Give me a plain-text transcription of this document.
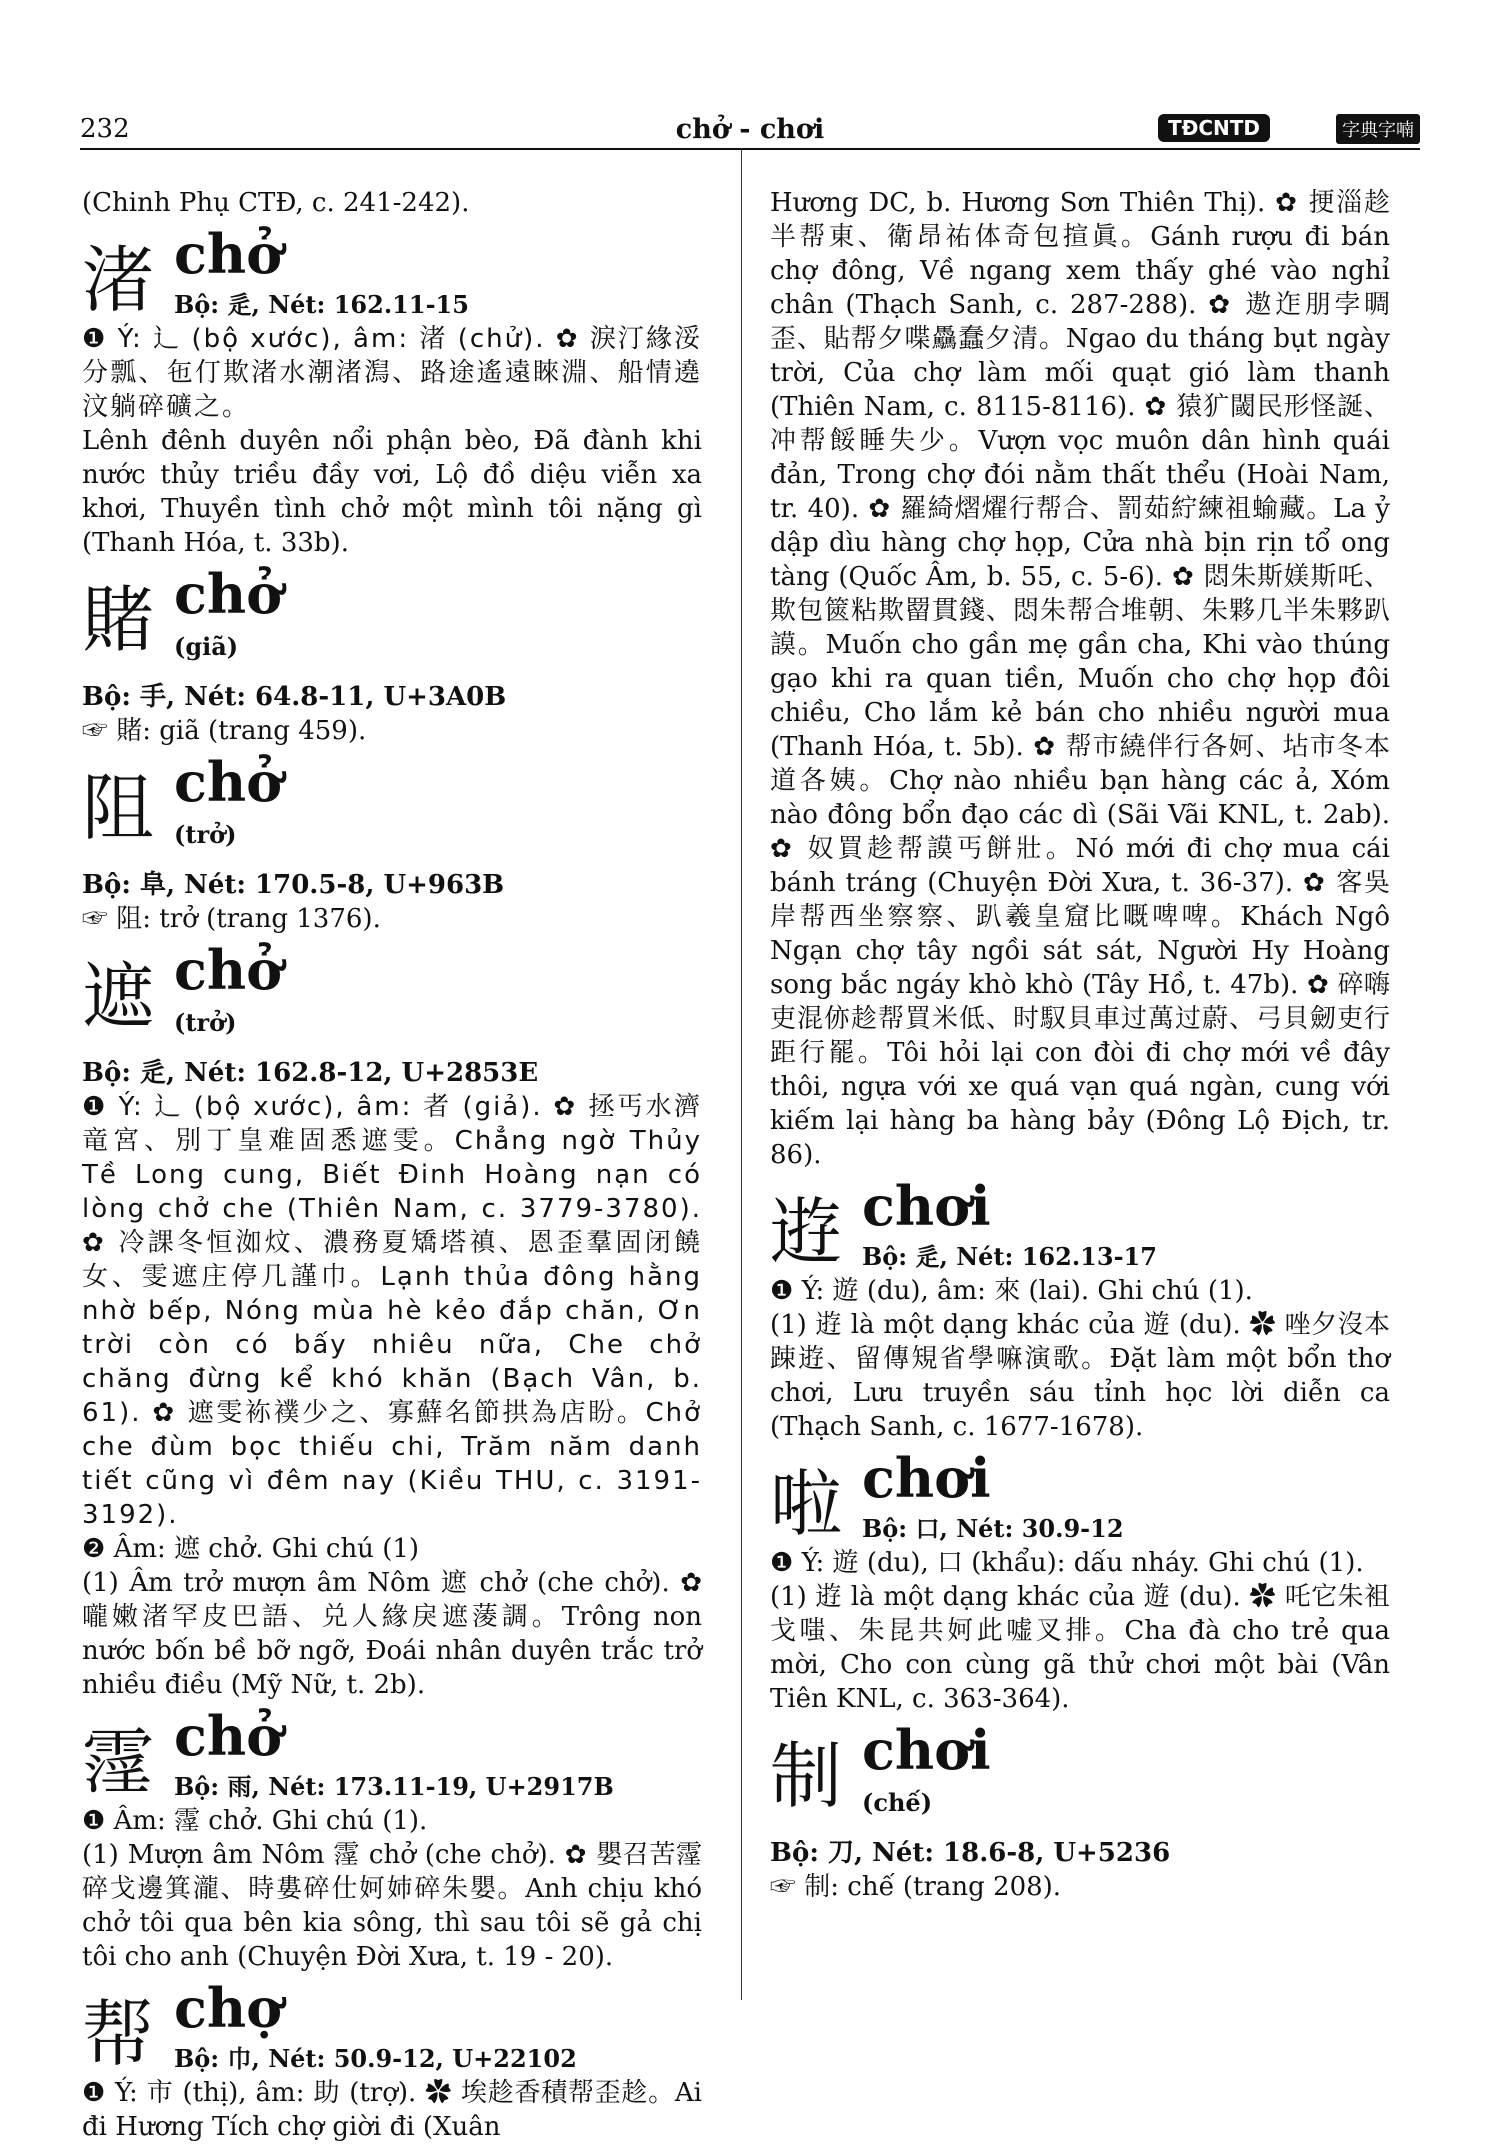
232	chở - chơi	TĐCNTD	字典字喃

(Chinh Phụ CTĐ, c. 241-242).

渚 chở
Bộ: 辵, Nét: 162.11-15

❶ Ý: 辶 (bộ xước), âm: 渚 (chử). ✿ 淚汀緣浽分瓢、㐌仃欺渚水潮渚澙、路途遙遠睞淵、船情遶汶躺碎礦之。

Lênh đênh duyên nổi phận bèo, Đã đành khi nước thủy triều đầy vơi, Lộ đồ diệu viễn xa khơi, Thuyền tình chở một mình tôi nặng gì (Thanh Hóa, t. 33b).

賭 chở
(giã)

Bộ: 手, Nét: 64.8-11, U+3A0B

☞ 賭: giã (trang 459).

阻 chở
(trở)

Bộ: 阜, Nét: 170.5-8, U+963B

☞ 阻: trở (trang 1376).

遮 chở
(trở)

Bộ: 辵, Nét: 162.8-12, U+2853E

❶ Ý: 辶 (bộ xước), âm: 者 (giả). ✿ 拯丐水濟竜宮、別丁皇难固悉遮雯。Chẳng ngờ Thủy Tề Long cung, Biết Đinh Hoàng nạn có lòng chở che (Thiên Nam, c. 3779-3780). ✿ 冷課冬恒洳炆、濃務夏矯塔禛、恩歪羣固闭饒女、雯遮庄停几謹巾。Lạnh thủa đông hằng nhờ bếp, Nóng mùa hè kẻo đắp chăn, Ơn trời còn có bấy nhiêu nữa, Che chở chăng đừng kể khó khăn (Bạch Vân, b. 61). ✿ 遮雯袮襆少之、寡蘚名節拱為店盼。Chở che đùm bọc thiếu chi, Trăm năm danh tiết cũng vì đêm nay (Kiều THU, c. 3191-3192).

❷ Âm: 遮 chở. Ghi chú (1)

(1) Âm trở mượn âm Nôm 遮 chở (che chở). ✿ 嚨嫩渚罕皮巴語、兑人緣戾遮蔆調。Trông non nước bốn bề bỡ ngỡ, Đoái nhân duyên trắc trở nhiều điều (Mỹ Nữ, t. 2b).

霪 chở
Bộ: 雨, Nét: 173.11-19, U+2917B

❶ Âm: 霪 chở. Ghi chú (1).

(1) Mượn âm Nôm 霪 chở (che chở). ✿ 嬰召苦霪碎戈邊箕瀧、時婁碎仕妸姉碎朱嬰。Anh chịu khó chở tôi qua bên kia sông, thì sau tôi sẽ gả chị tôi cho anh (Chuyện Đời Xưa, t. 19 - 20).

帮 chợ
Bộ: 巾, Nét: 50.9-12, U+22102

❶ Ý: 市 (thị), âm: 助 (trợ). ✿ 埃趁香積帮歪趁。Ai đi Hương Tích chợ giời đi (Xuân

Hương DC, b. Hương Sơn Thiên Thị). ✿ 挭淄趁半帮東、衛昂祐体奇包揎眞。Gánh rượu đi bán chợ đông, Về ngang xem thấy ghé vào nghỉ chân (Thạch Sanh, c. 287-288). ✿ 遨迮朋孛晭歪、貼帮夕喋驫蠢夕清。Ngao du tháng bụt ngày trời, Của chợ làm mối quạt gió làm thanh (Thiên Nam, c. 8115-8116). ✿ 猿犷閾民形怪誕、冲帮餒睡失少。Vượn vọc muôn dân hình quái đản, Trong chợ đói nằm thất thểu (Hoài Nam, tr. 40). ✿ 羅綺熠燿行帮合、罰茹紵練祖蝓藏。La ỷ dập dìu hàng chợ họp, Cửa nhà bịn rịn tổ ong tàng (Quốc Âm, b. 55, c. 5-6). ✿ 悶朱斯媄斯吒、欺包篋粘欺罶貫錢、悶朱帮合堆朝、朱夥几半朱夥趴謨。Muốn cho gần mẹ gần cha, Khi vào thúng gạo khi ra quan tiền, Muốn cho chợ họp đôi chiều, Cho lắm kẻ bán cho nhiều người mua (Thanh Hóa, t. 5b). ✿ 帮市繞伴行各妸、坫市冬本道各姨。Chợ nào nhiều bạn hàng các ả, Xóm nào đông bổn đạo các dì (Sãi Vãi KNL, t. 2ab). ✿ 奴買趁帮謨丐餅壯。Nó mới đi chợ mua cái bánh tráng (Chuyện Đời Xưa, t. 36-37). ✿ 客吳岸帮西坐察察、趴羲皇窟比嘅啤啤。Khách Ngô Ngạn chợ tây ngồi sát sát, Người Hy Hoàng song bắc ngáy khò khò (Tây Hồ, t. 47b). ✿ 碎嗨吏混㑊趁帮買米低、时馭貝車过萬过蔚、弓貝劒吏行距行罷。Tôi hỏi lại con đòi đi chợ mới về đây thôi, ngựa với xe quá vạn quá ngàn, cung với kiếm lại hàng ba hàng bảy (Đông Lộ Địch, tr. 86).

逰 chơi
Bộ: 辵, Nét: 162.13-17

❶ Ý: 遊 (du), âm: 來 (lai). Ghi chú (1).

(1) 逰 là một dạng khác của 遊 (du). ✿ 唑夕沒本踈逰、留傳䂓省學嘛演歌。Đặt làm một bổn thơ chơi, Lưu truyền sáu tỉnh học lời diễn ca (Thạch Sanh, c. 1677-1678).

啦 chơi
Bộ: 口, Nét: 30.9-12

❶ Ý: 遊 (du), 口 (khẩu): dấu nháy. Ghi chú (1).

(1) 逰 là một dạng khác của 遊 (du). ✿ 吒它朱袓戈嗤、朱昆共妸此嘘叉排。Cha đà cho trẻ qua mời, Cho con cùng gã thử chơi một bài (Vân Tiên KNL, c. 363-364).

制 chơi
(chế)

Bộ: 刀, Nét: 18.6-8, U+5236

☞ 制: chế (trang 208).
